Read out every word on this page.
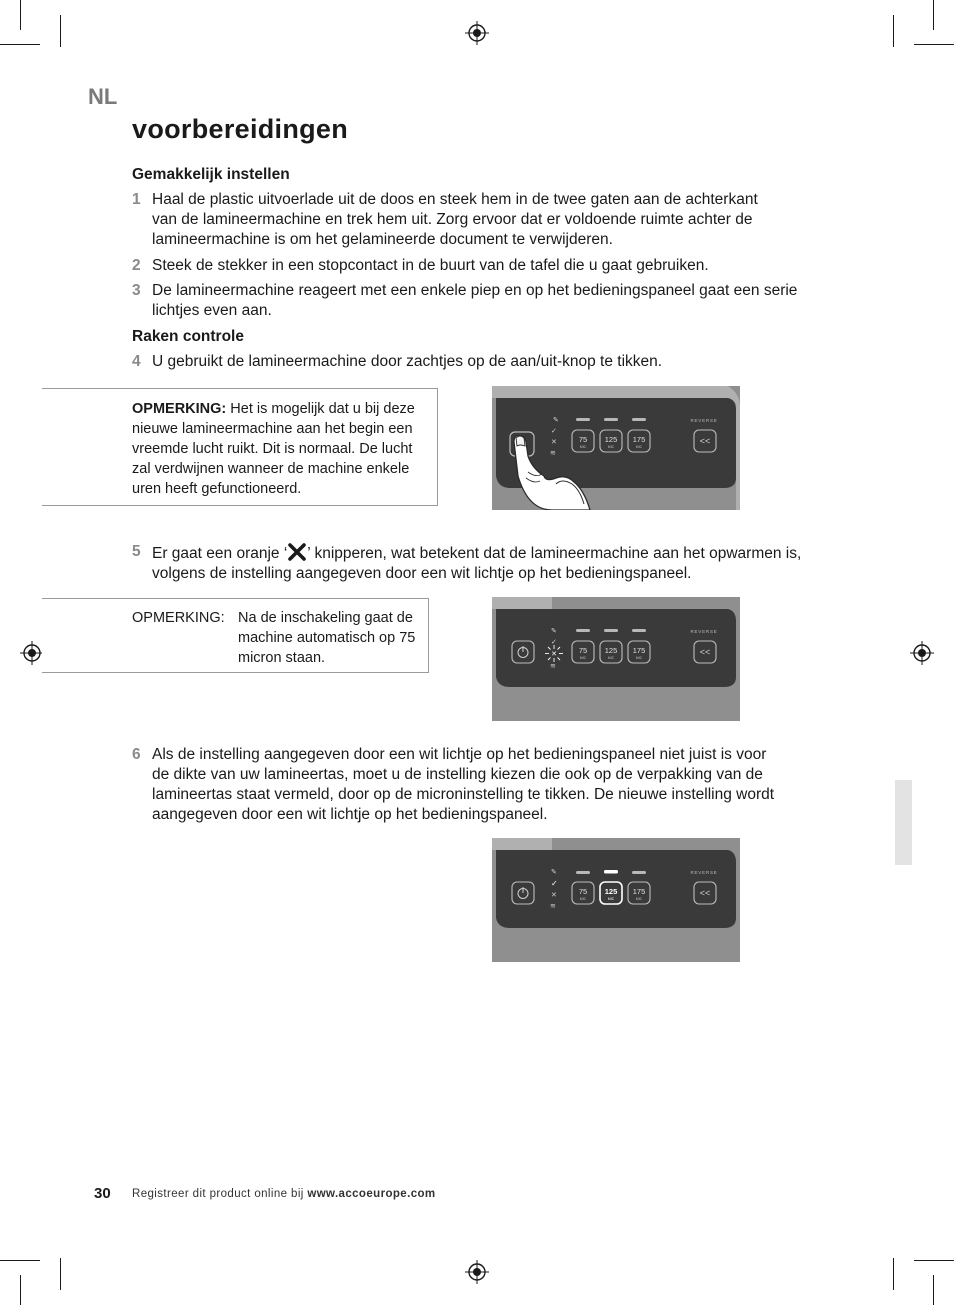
NL
voorbereidingen
Gemakkelijk instellen
1 Haal de plastic uitvoerlade uit de doos en steek hem in de twee gaten aan de achterkant van de lamineermachine en trek hem uit. Zorg ervoor dat er voldoende ruimte achter de lamineermachine is om het gelamineerde document te verwijderen.
2 Steek de stekker in een stopcontact in de buurt van de tafel die u gaat gebruiken.
3 De lamineermachine reageert met een enkele piep en op het bedieningspaneel gaat een serie lichtjes even aan.
Raken controle
4 U gebruikt de lamineermachine door zachtjes op de aan/uit-knop te tikken.
OPMERKING: Het is mogelijk dat u bij deze nieuwe lamineermachine aan het begin een vreemde lucht ruikt. Dit is normaal. De lucht zal verdwijnen wanneer de machine enkele uren heeft gefunctioneerd.
✎
✓
✕
≋
75 125 175
MIC	MIC	MIC
REVERSE
<<
5 Er gaat een oranje ‘ ’ knipperen, wat betekent dat de lamineermachine aan het opwarmen is, volgens de instelling aangegeven door een wit lichtje op het bedieningspaneel.
OPMERKING: Na de inschakeling gaat de machine automatisch op 75 micron staan.
✎
✓
✕
≋
75 125 175
MIC	MIC	MIC
REVERSE
<<
6 Als de instelling aangegeven door een wit lichtje op het bedieningspaneel niet juist is voor de dikte van uw lamineertas, moet u de instelling kiezen die ook op de verpakking van de lamineertas staat vermeld, door op de microninstelling te tikken. De nieuwe instelling wordt aangegeven door een wit lichtje op het bedieningspaneel.
✎
✓
✕
≋
75 125 175
MIC	MIC	MIC
REVERSE
<<
30 Registreer dit product online bij www.accoeurope.com
